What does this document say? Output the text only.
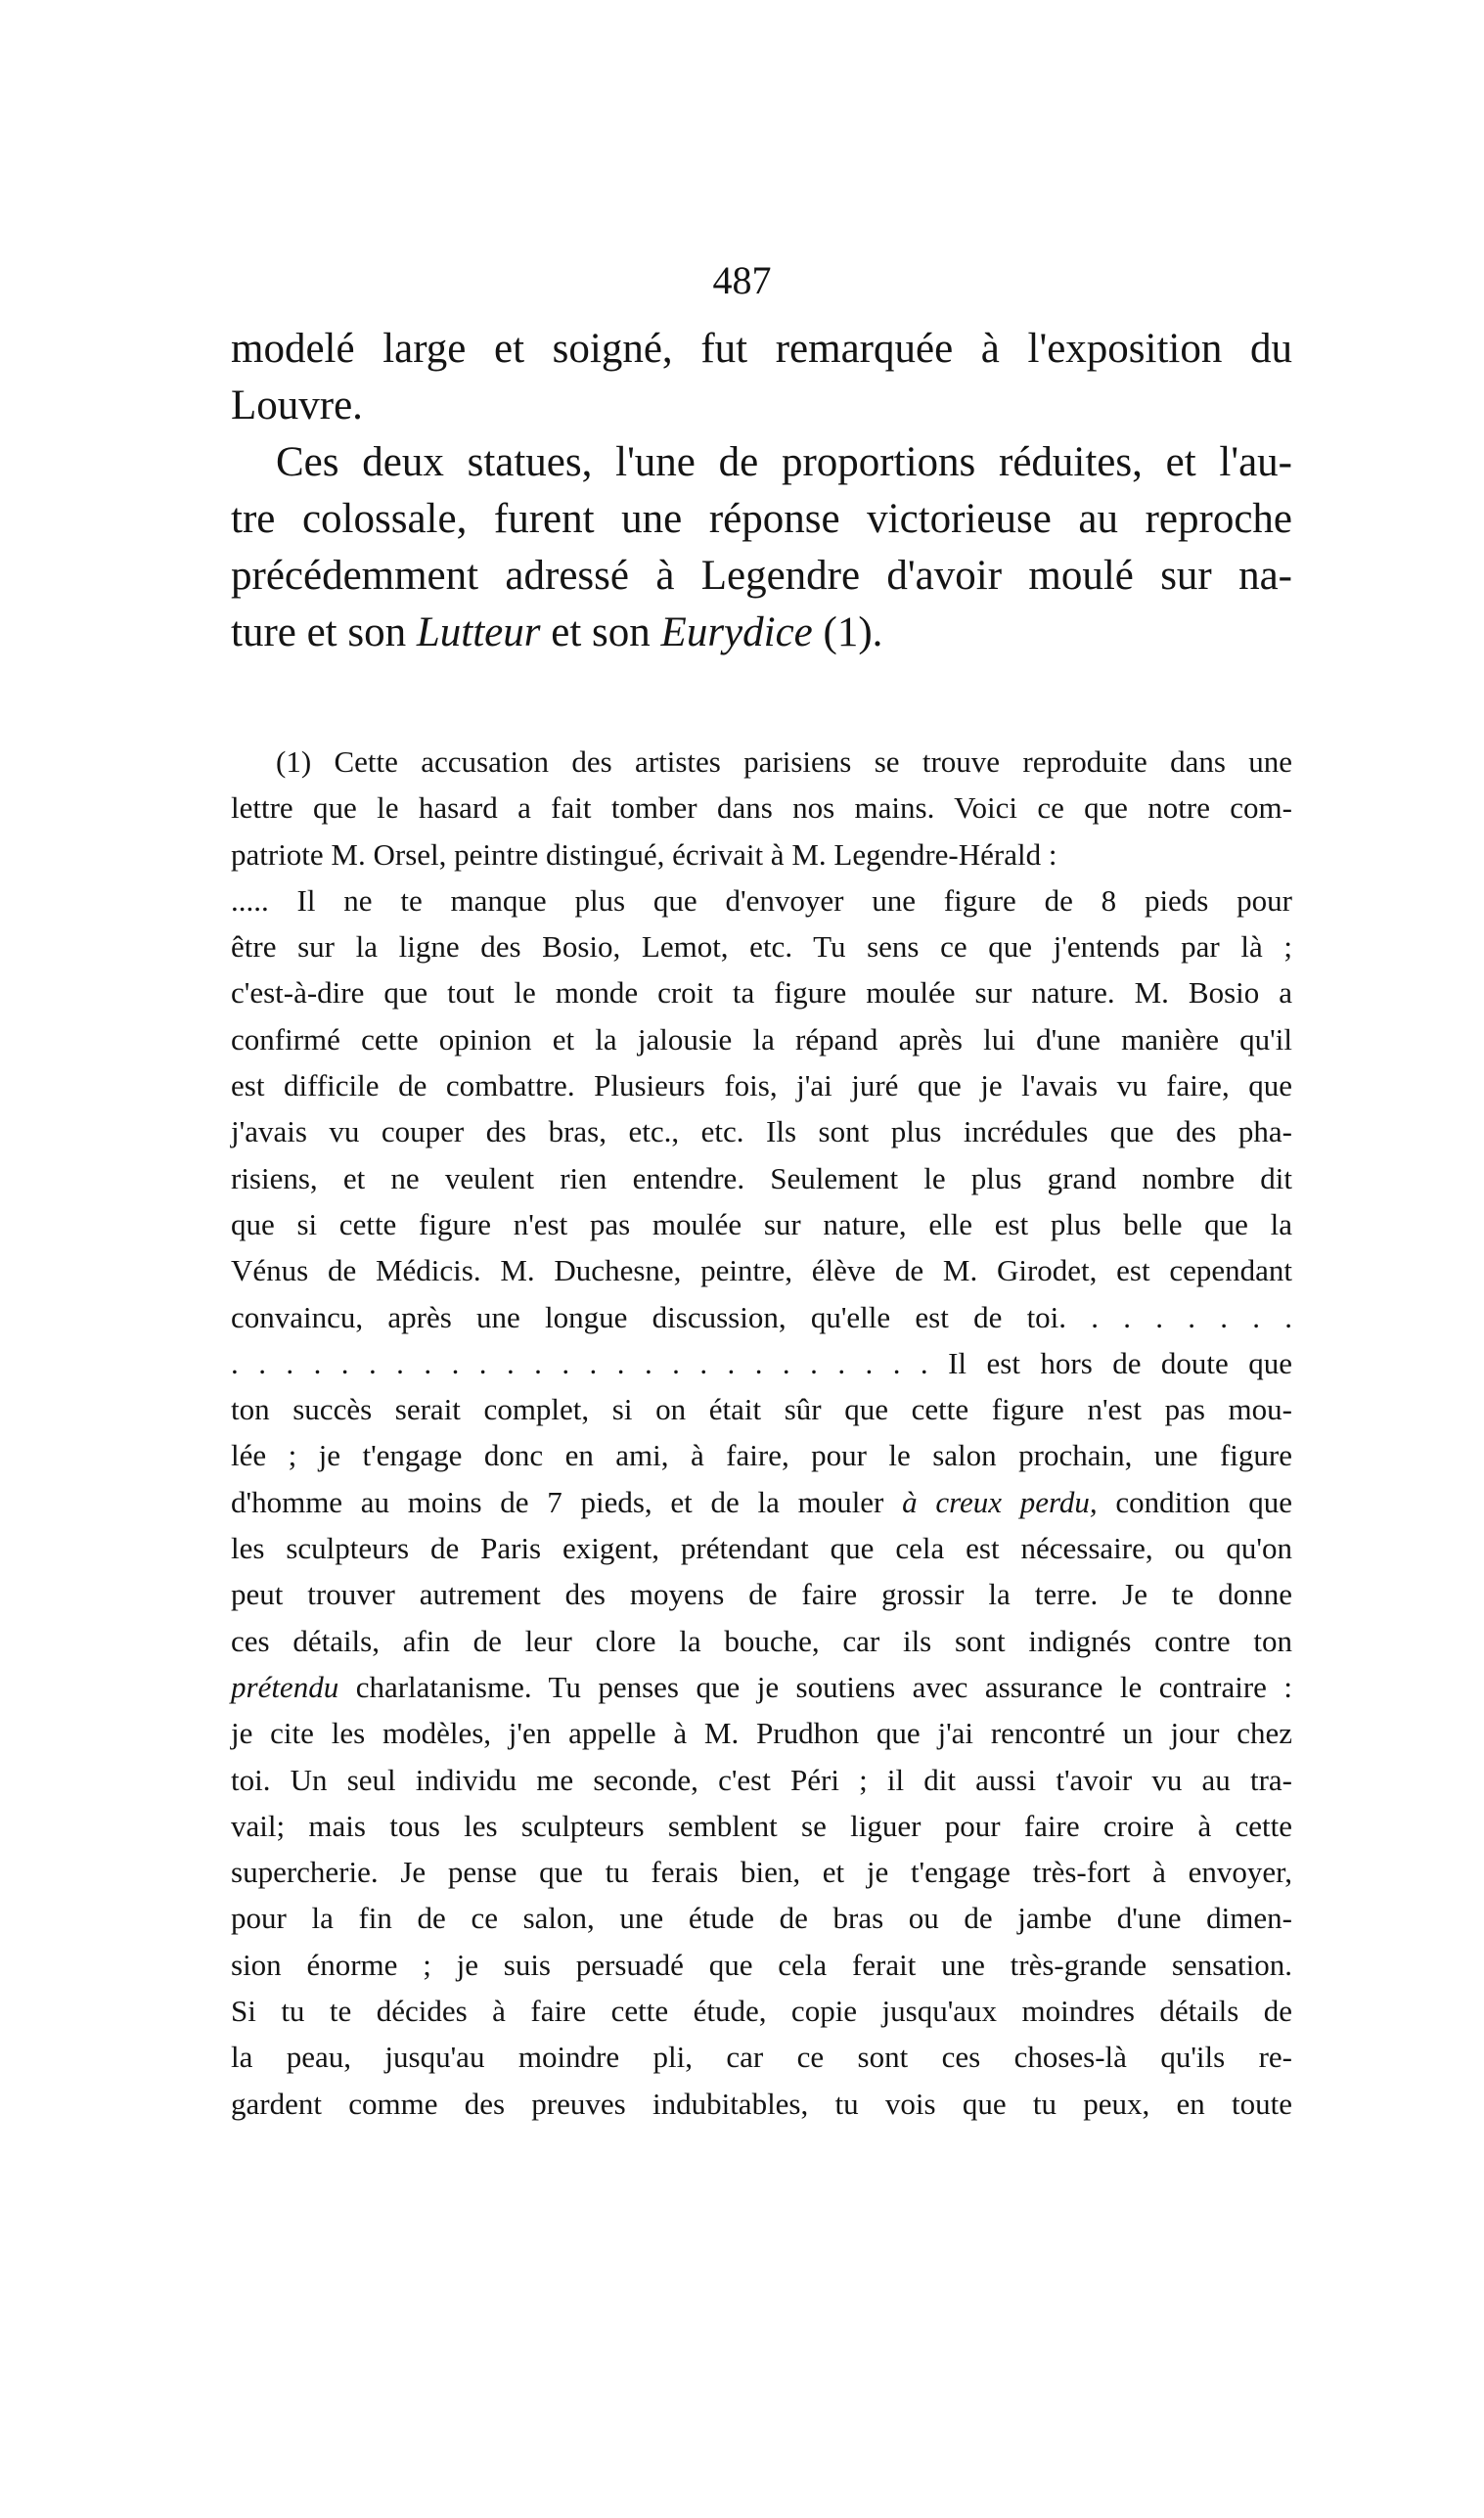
487
modelé large et soigné, fut remarquée à l'exposition du
Louvre.
Ces deux statues, l'une de proportions réduites, et l'au-
tre colossale, furent une réponse victorieuse au reproche
précédemment adressé à Legendre d'avoir moulé sur na-
ture et son Lutteur et son Eurydice (1).
(1) Cette accusation des artistes parisiens se trouve reproduite dans une
lettre que le hasard a fait tomber dans nos mains. Voici ce que notre com-
patriote M. Orsel, peintre distingué, écrivait à M. Legendre-Hérald :
..... Il ne te manque plus que d'envoyer une figure de 8 pieds pour
être sur la ligne des Bosio, Lemot, etc. Tu sens ce que j'entends par là ;
c'est-à-dire que tout le monde croit ta figure moulée sur nature. M. Bosio a
confirmé cette opinion et la jalousie la répand après lui d'une manière qu'il
est difficile de combattre. Plusieurs fois, j'ai juré que je l'avais vu faire, que
j'avais vu couper des bras, etc., etc. Ils sont plus incrédules que des pha-
risiens, et ne veulent rien entendre. Seulement le plus grand nombre dit
que si cette figure n'est pas moulée sur nature, elle est plus belle que la
Vénus de Médicis. M. Duchesne, peintre, élève de M. Girodet, est cependant
convaincu, après une longue discussion, qu'elle est de toi. . . . . . . .
. . . . . . . . . . . . . . . . . . . . . . . . . . Il est hors de doute que
ton succès serait complet, si on était sûr que cette figure n'est pas mou-
lée ; je t'engage donc en ami, à faire, pour le salon prochain, une figure
d'homme au moins de 7 pieds, et de la mouler à creux perdu, condition que
les sculpteurs de Paris exigent, prétendant que cela est nécessaire, ou qu'on
peut trouver autrement des moyens de faire grossir la terre. Je te donne
ces détails, afin de leur clore la bouche, car ils sont indignés contre ton
prétendu charlatanisme. Tu penses que je soutiens avec assurance le contraire :
je cite les modèles, j'en appelle à M. Prudhon que j'ai rencontré un jour chez
toi. Un seul individu me seconde, c'est Péri ; il dit aussi t'avoir vu au tra-
vail; mais tous les sculpteurs semblent se liguer pour faire croire à cette
supercherie. Je pense que tu ferais bien, et je t'engage très-fort à envoyer,
pour la fin de ce salon, une étude de bras ou de jambe d'une dimen-
sion énorme ; je suis persuadé que cela ferait une très-grande sensation.
Si tu te décides à faire cette étude, copie jusqu'aux moindres détails de
la peau, jusqu'au moindre pli, car ce sont ces choses-là qu'ils re-
gardent comme des preuves indubitables, tu vois que tu peux, en toute
